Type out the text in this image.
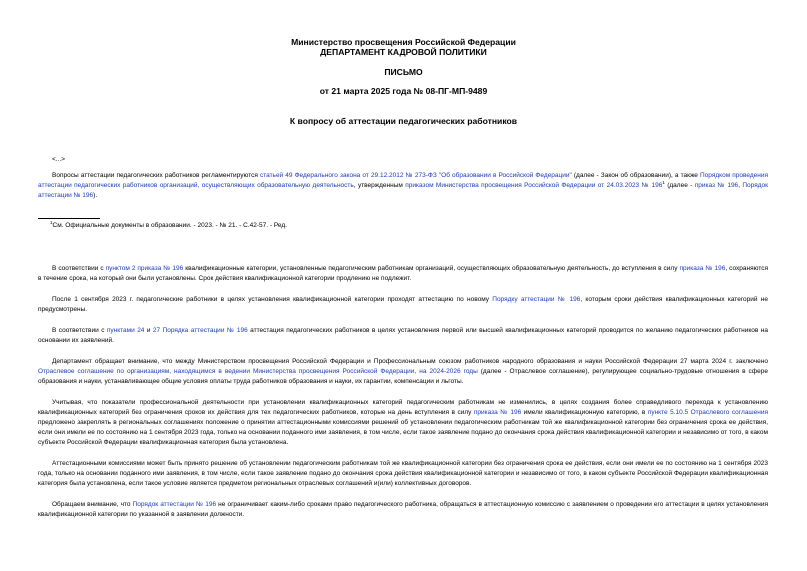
Министерство просвещения Российской Федерации
ДЕПАРТАМЕНТ КАДРОВОЙ ПОЛИТИКИ
ПИСЬМО
от 21 марта 2025 года № 08-ПГ-МП-9489
К вопросу об аттестации педагогических работников
<...>
Вопросы аттестации педагогических работников регламентируются статьей 49 Федерального закона от 29.12.2012 № 273-ФЗ "Об образовании в Российской Федерации" (далее - Закон об образовании), а также Порядком проведения аттестации педагогических работников организаций, осуществляющих образовательную деятельность, утвержденным приказом Министерства просвещения Российской Федерации от 24.03.2023 № $196^1$ (далее - приказ № 196, Порядок аттестации № 196).
$^1$См. Официальные документы в образовании. - 2023. - № 21. - С.42-57. - Ред.
В соответствии с пунктом 2 приказа № 196 квалификационные категории, установленные педагогическим работникам организаций, осуществляющих образовательную деятельность, до вступления в силу приказа № 196, сохраняются в течение срока, на который они были установлены. Срок действия квалификационной категории продлению не подлежит.
После 1 сентября 2023 г. педагогические работники в целях установления квалификационной категории проходят аттестацию по новому Порядку аттестации № 196, которым сроки действия квалификационных категорий не предусмотрены.
В соответствии с пунктами 24 и 27 Порядка аттестации № 196 аттестация педагогических работников в целях установления первой или высшей квалификационных категорий проводится по желанию педагогических работников на основании их заявлений.
Департамент обращает внимание, что между Министерством просвещения Российской Федерации и Профессиональным союзом работников народного образования и науки Российской Федерации 27 марта 2024 г. заключено Отраслевое соглашение по организациям, находящимся в ведении Министерства просвещения Российской Федерации, на 2024-2026 годы (далее - Отраслевое соглашение), регулирующее социально-трудовые отношения в сфере образования и науки, устанавливающее общие условия оплаты труда работников образования и науки, их гарантии, компенсации и льготы.
Учитывая, что показатели профессиональной деятельности при установлении квалификационных категорий педагогическим работникам не изменились, в целях создания более справедливого перехода к установлению квалификационных категорий без ограничения сроков их действия для тех педагогических работников, которые на день вступления в силу приказа № 196 имели квалификационную категорию, в пункте 5.10.5 Отраслевого соглашения предложено закреплять в региональных соглашениях положение о принятии аттестационными комиссиями решений об установлении педагогическим работникам той же квалификационной категории без ограничения срока ее действия, если они имели ее по состоянию на 1 сентября 2023 года, только на основании поданного ими заявления, в том числе, если такое заявление подано до окончания срока действия квалификационной категории и независимо от того, в каком субъекте Российской Федерации квалификационная категория была установлена.
Аттестационными комиссиями может быть принято решение об установлении педагогическим работникам той же квалификационной категории без ограничения срока ее действия, если они имели ее по состоянию на 1 сентября 2023 года, только на основании поданного ими заявления, в том числе, если такое заявление подано до окончания срока действия квалификационной категории и независимо от того, в каком субъекте Российской Федерации квалификационная категория была установлена, если такое условие является предметом региональных отраслевых соглашений и(или) коллективных договоров.
Обращаем внимание, что Порядок аттестации № 196 не ограничивает каким-либо сроками право педагогического работника, обращаться в аттестационную комиссию с заявлением о проведении его аттестации в целях установления квалификационной категории по указанной в заявлении должности.
